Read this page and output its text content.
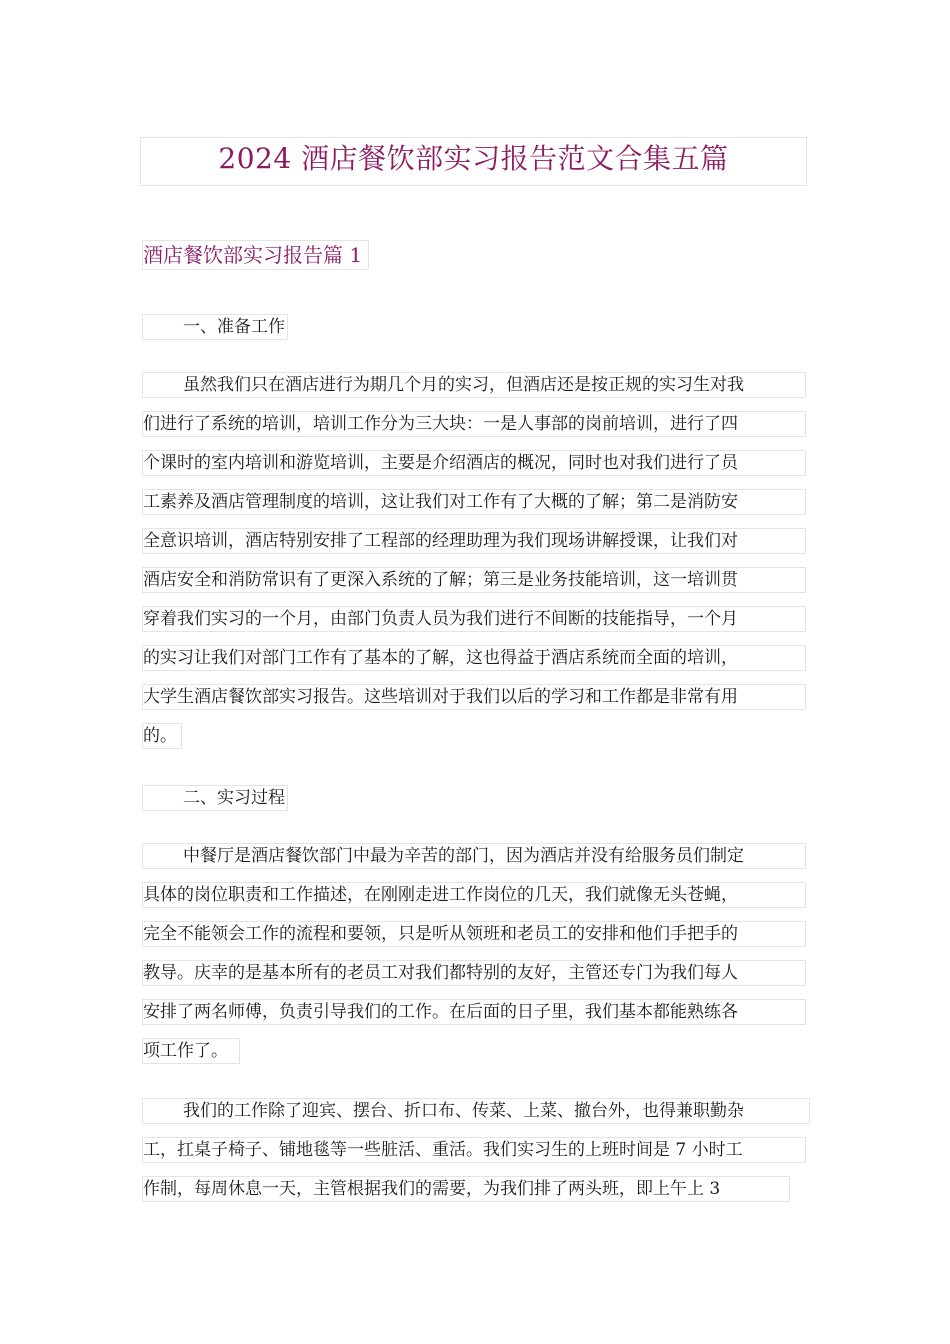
2024 酒店餐饮部实习报告范文合集五篇
酒店餐饮部实习报告篇 1
一、准备工作
虽然我们只在酒店进行为期几个月的实习，但酒店还是按正规的实习生对我
们进行了系统的培训，培训工作分为三大块：一是人事部的岗前培训，进行了四
个课时的室内培训和游览培训，主要是介绍酒店的概况，同时也对我们进行了员
工素养及酒店管理制度的培训，这让我们对工作有了大概的了解；第二是消防安
全意识培训，酒店特别安排了工程部的经理助理为我们现场讲解授课，让我们对
酒店安全和消防常识有了更深入系统的了解；第三是业务技能培训，这一培训贯
穿着我们实习的一个月，由部门负责人员为我们进行不间断的技能指导，一个月
的实习让我们对部门工作有了基本的了解，这也得益于酒店系统而全面的培训，
大学生酒店餐饮部实习报告。这些培训对于我们以后的学习和工作都是非常有用
的。
二、实习过程
中餐厅是酒店餐饮部门中最为辛苦的部门，因为酒店并没有给服务员们制定
具体的岗位职责和工作描述，在刚刚走进工作岗位的几天，我们就像无头苍蝇，
完全不能领会工作的流程和要领，只是听从领班和老员工的安排和他们手把手的
教导。庆幸的是基本所有的老员工对我们都特别的友好，主管还专门为我们每人
安排了两名师傅，负责引导我们的工作。在后面的日子里，我们基本都能熟练各
项工作了。
我们的工作除了迎宾、摆台、折口布、传菜、上菜、撤台外，也得兼职勤杂
工，扛桌子椅子、铺地毯等一些脏活、重活。我们实习生的上班时间是 7 小时工
作制，每周休息一天，主管根据我们的需要，为我们排了两头班，即上午上 3
